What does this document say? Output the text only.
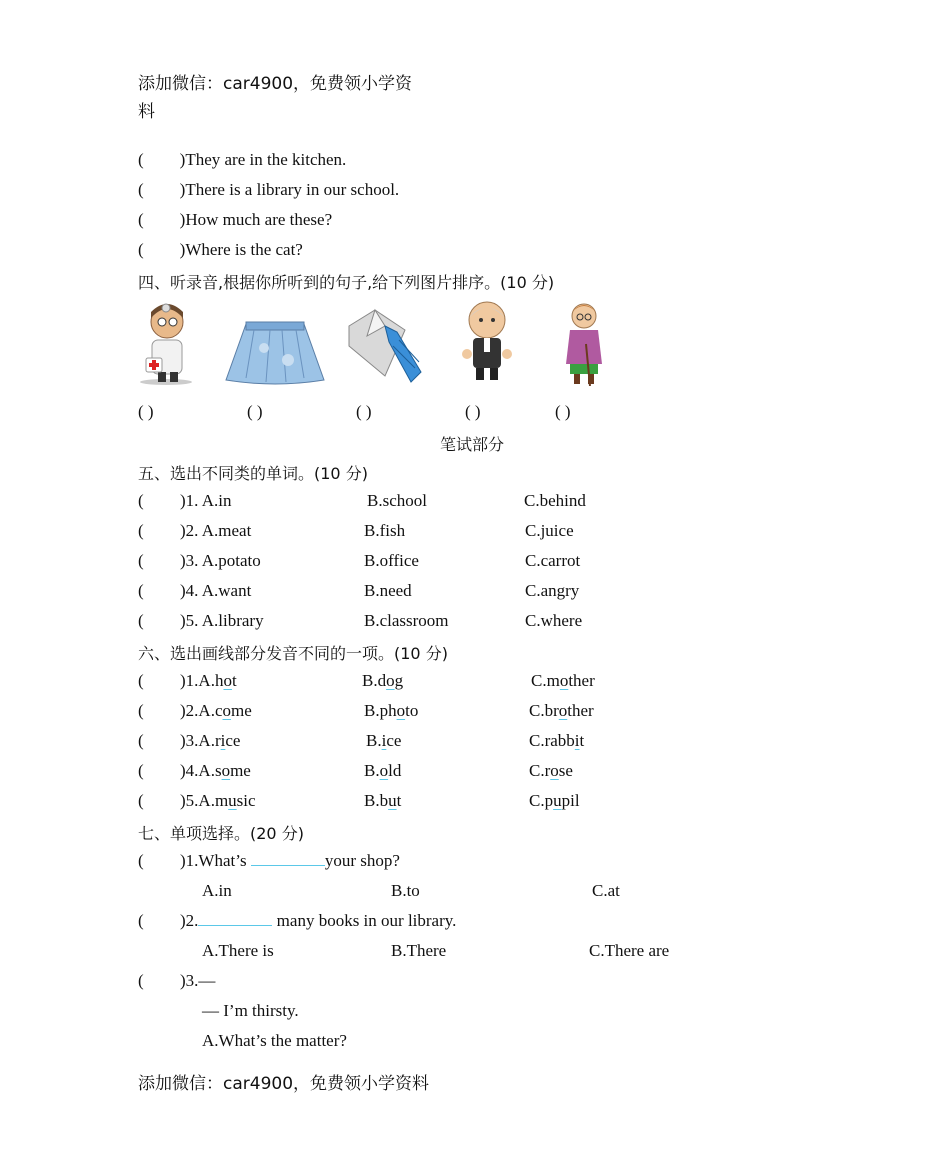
添加微信：car4900，免费领小学资
料
( )They are in the kitchen.
( )There is a library in our school.
( )How much are these?
( )Where is the cat?
四、听录音,根据你所听到的句子,给下列图片排序。(10 分)
( )	( )	( )	( )	( )
笔试部分
五、选出不同类的单词。(10 分)
( )1. A.in	B.school	C.behind
( )2. A.meat	B.fish	C.juice
( )3. A.potato	B.office	C.carrot
( )4. A.want	B.need	C.angry
( )5. A.library	B.classroom	C.where
六、选出画线部分发音不同的一项。(10 分)
( )1.A.hot	B.dog	C.mother
( )2.A.come	B.photo	C.brother
( )3.A.rice	B.ice	C.rabbit
( )4.A.some	B.old	C.rose
( )5.A.music	B.but	C.pupil
七、单项选择。(20 分)
( )1.What’s	your shop?
A.in	B.to	C.at
( )2.	many books in our library.
A.There is	B.There	C.There are
( )3.—
— I’m thirsty.
A.What’s the matter?
添加微信：car4900，免费领小学资料
